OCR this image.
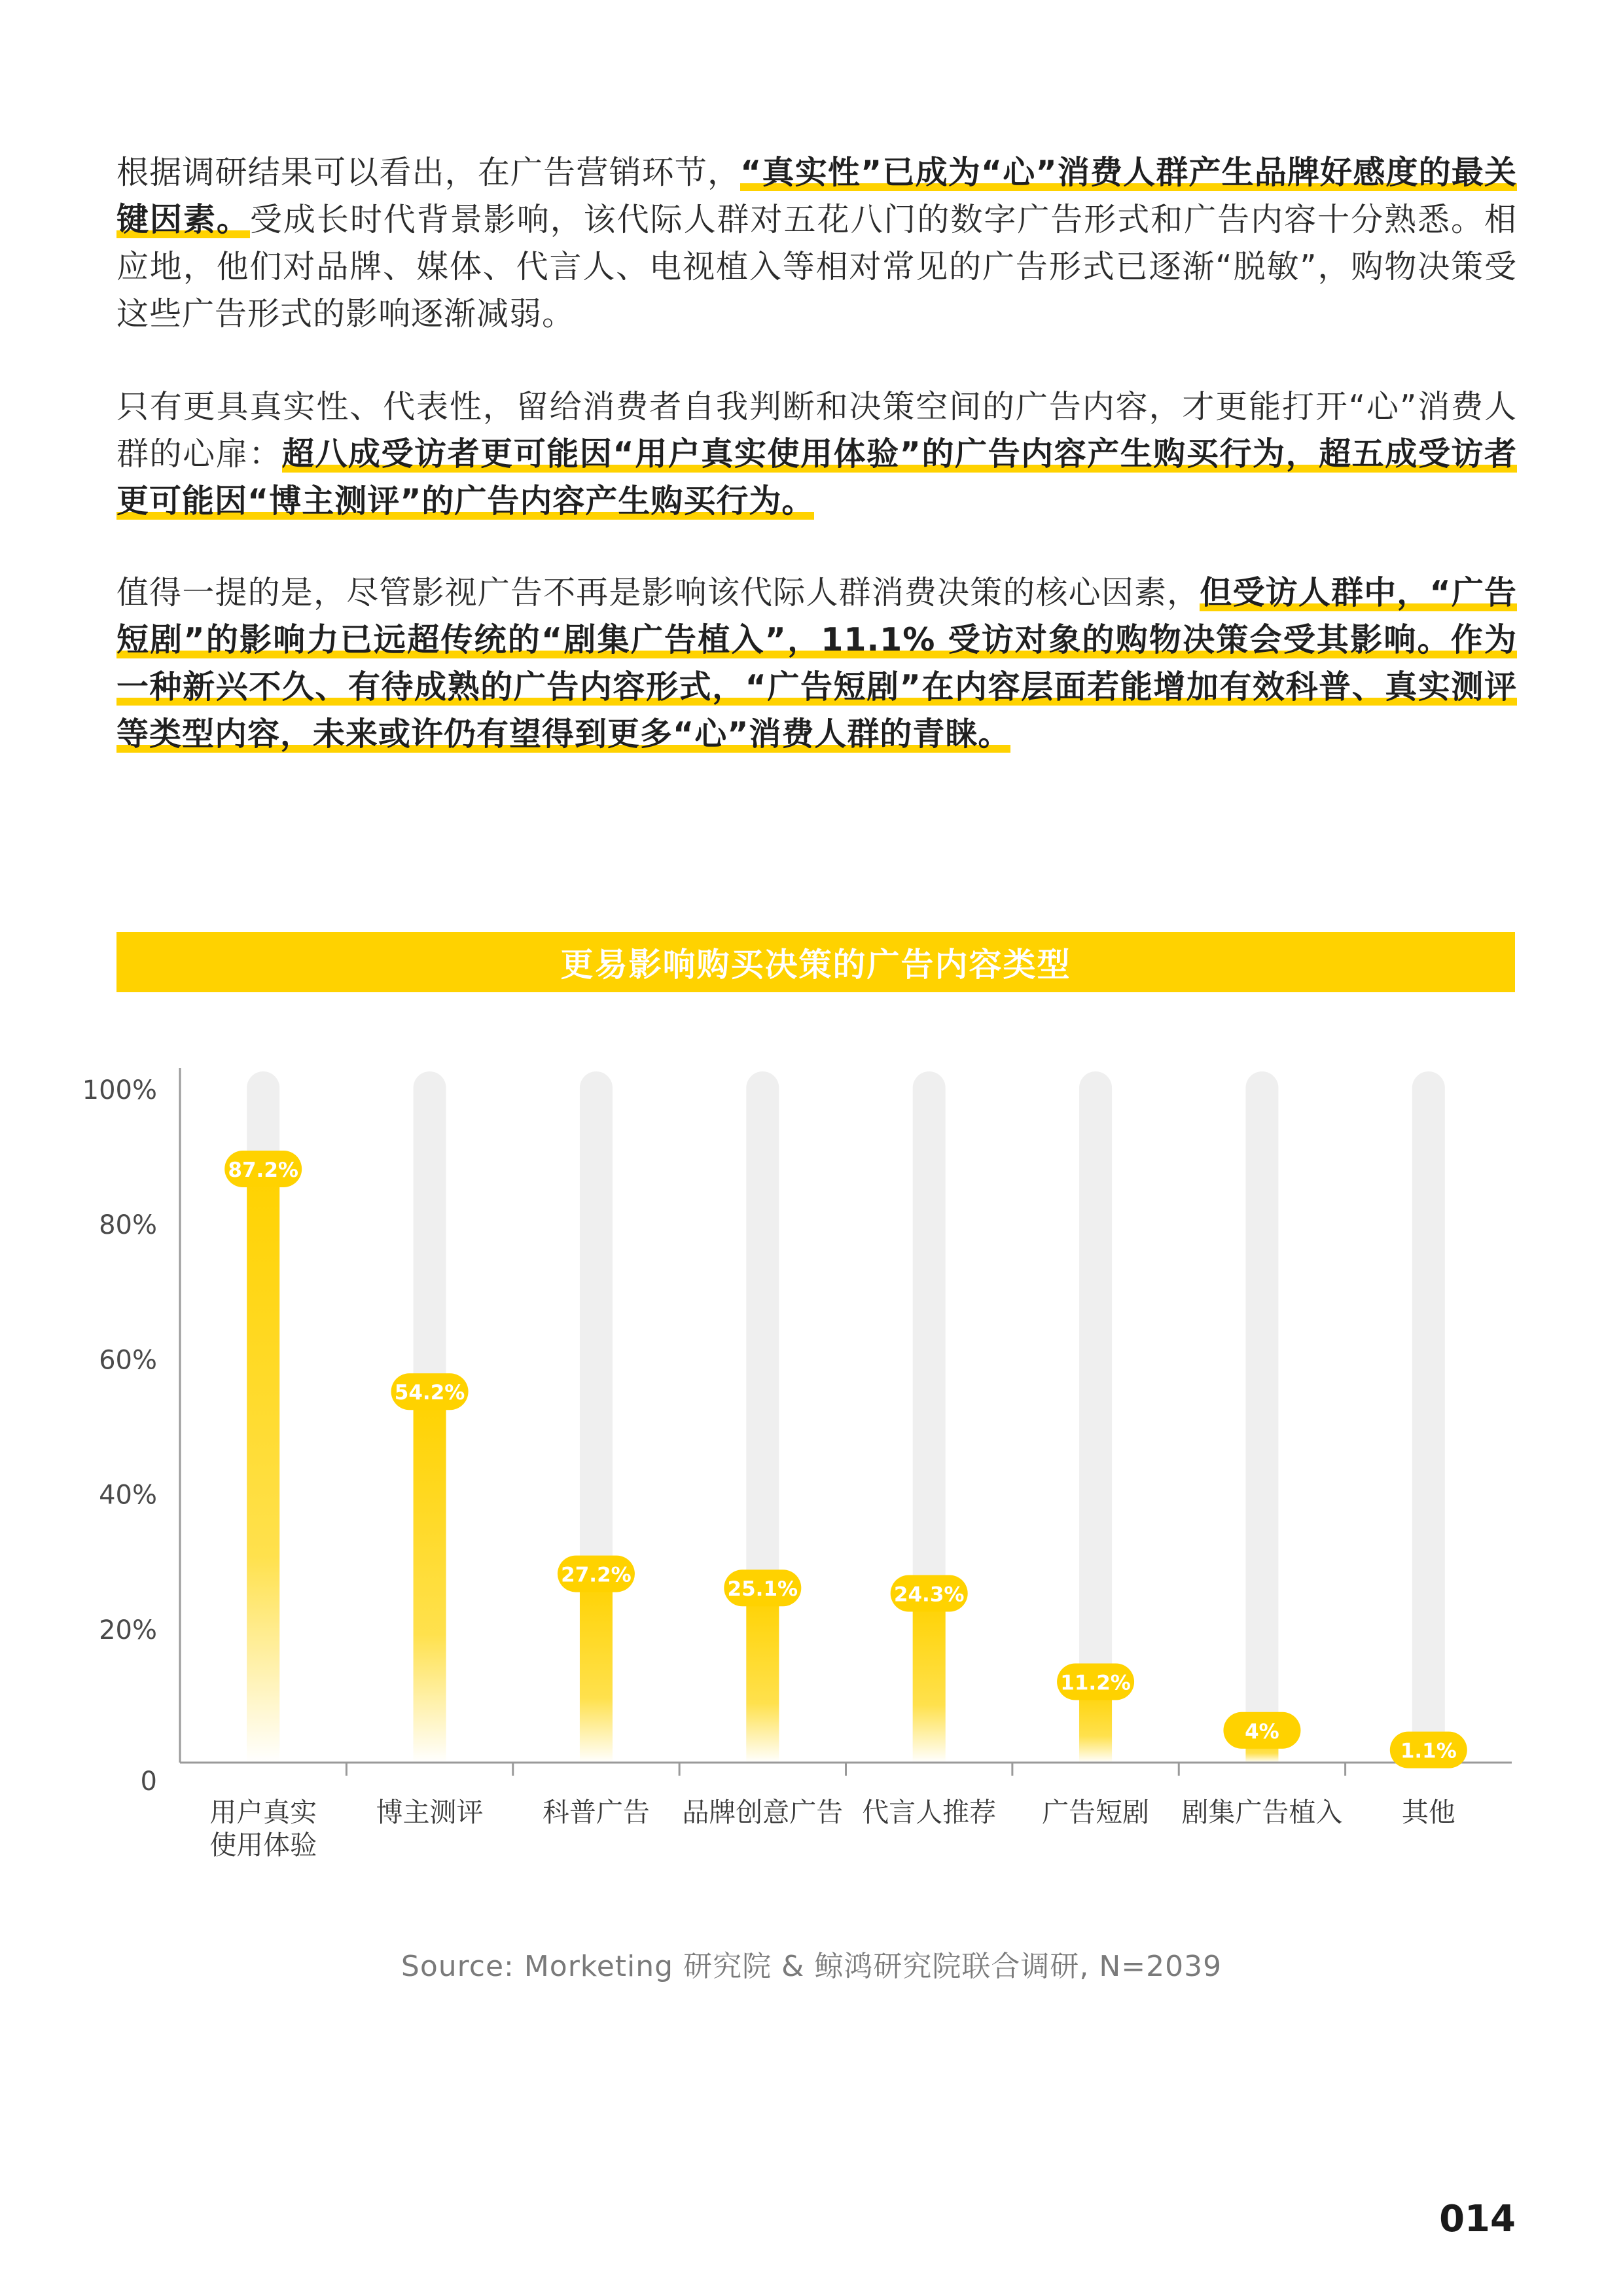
根据调研结果可以看出，在广告营销环节，“真实性”已成为“心”消费人群产生品牌好感度的最关键因素。受成长时代背景影响，该代际人群对五花八门的数字广告形式和广告内容十分熟悉。相应地，他们对品牌、媒体、代言人、电视植入等相对常见的广告形式已逐渐“脱敏”，购物决策受这些广告形式的影响逐渐减弱。

只有更具真实性、代表性，留给消费者自我判断和决策空间的广告内容，才更能打开“心”消费人群的心扉：超八成受访者更可能因“用户真实使用体验”的广告内容产生购买行为，超五成受访者更可能因“博主测评”的广告内容产生购买行为。

值得一提的是，尽管影视广告不再是影响该代际人群消费决策的核心因素，但受访人群中，“广告短剧”的影响力已远超传统的“剧集广告植入”，11.1% 受访对象的购物决策会受其影响。作为一种新兴不久、有待成熟的广告内容形式，“广告短剧”在内容层面若能增加有效科普、真实测评等类型内容，未来或许仍有望得到更多“心”消费人群的青睐。

更易影响购买决策的广告内容类型
0
20%
40%
60%
80%
100%
用户真实
使用体验
博主测评 科普广告 品牌创意广告 代言人推荐 广告短剧 剧集广告植入 其他
87.2%
54.2%
27.2%
25.1%	24.3%
11.2%
4%
1.1%
Source: Morketing 研究院 & 鲸鸿研究院联合调研, N=2039
014
